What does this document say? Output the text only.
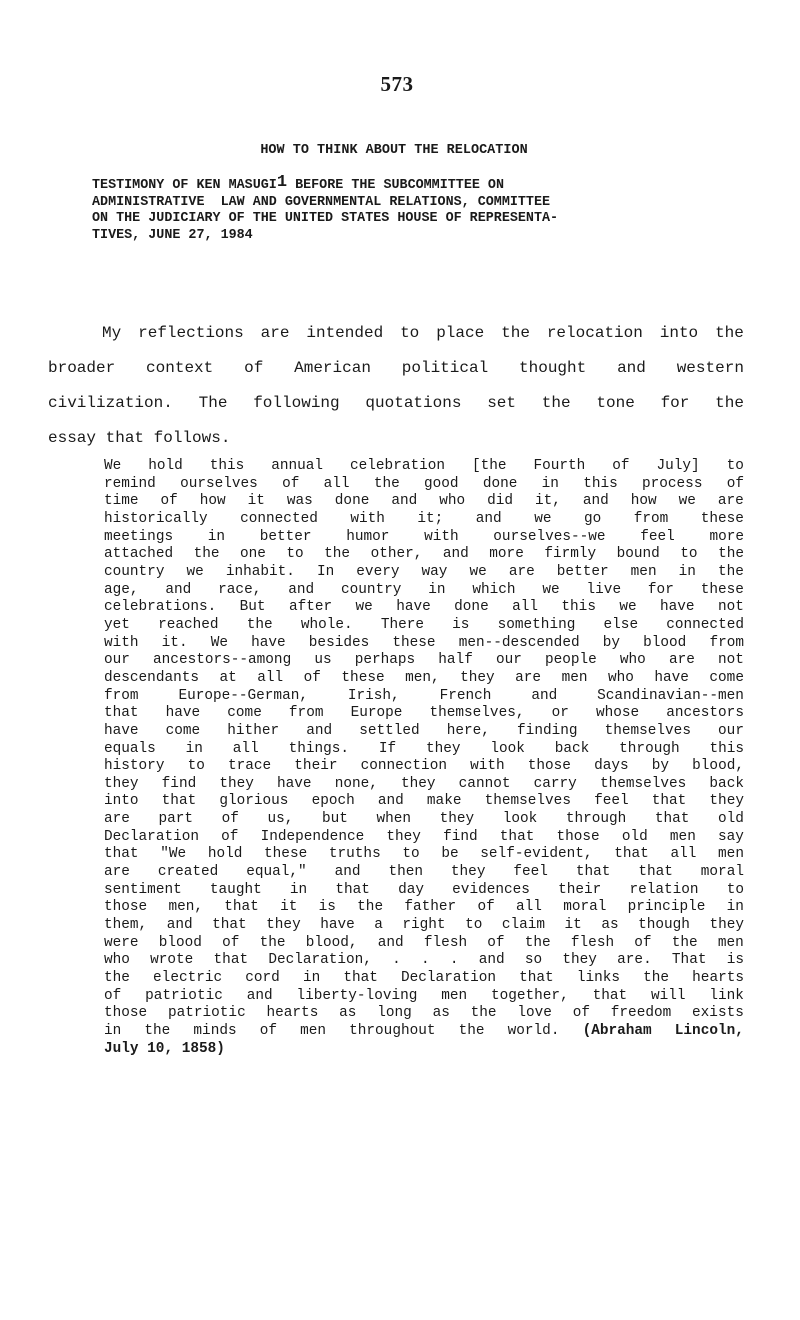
573
HOW TO THINK ABOUT THE RELOCATION
TESTIMONY OF KEN MASUGI$^1$ BEFORE THE SUBCOMMITTEE ON
ADMINISTRATIVE  LAW AND GOVERNMENTAL RELATIONS, COMMITTEE
ON THE JUDICIARY OF THE UNITED STATES HOUSE OF REPRESENTA-
TIVES, JUNE 27, 1984
My reflections are intended to place the relocation into the
broader context of American political thought and western
civilization. The following quotations set the tone for the
essay that follows.
We hold this annual celebration [the Fourth of July] to
remind ourselves of all the good done in this process of
time of how it was done and who did it, and how we are
historically connected with it; and we go from these
meetings in better humor with ourselves--we feel more
attached the one to the other, and more firmly bound to the
country we inhabit. In every way we are better men in the
age, and race, and country in which we live for these
celebrations. But after we have done all this we have not
yet reached the whole. There is something else connected
with it. We have besides these men--descended by blood from
our ancestors--among us perhaps half our people who are not
descendants at all of these men, they are men who have come
from	Europe--German,	Irish,	French	and	Scandinavian--men
that have come from Europe themselves, or whose ancestors
have come hither and settled here, finding themselves our
equals in all things. If they look back through this
history to trace their connection with those days by blood,
they find they have none, they cannot carry themselves back
into that glorious epoch and make themselves feel that they
are part of us, but when they look through that old
Declaration of Independence they find that those old men say
that "We hold these truths to be self-evident, that all men
are created equal," and then they feel that that moral
sentiment taught in that day evidences their relation to
those men, that it is the father of all moral principle in
them, and that they have a right to claim it as though they
were blood of the blood, and flesh of the flesh of the men
who wrote that Declaration, . . . and so they are. That is
the electric cord in that Declaration that links the hearts
of patriotic and liberty-loving men together, that will link
those patriotic hearts as long as the love of freedom exists
in the minds of men throughout the world. (Abraham Lincoln,
July 10, 1858)
